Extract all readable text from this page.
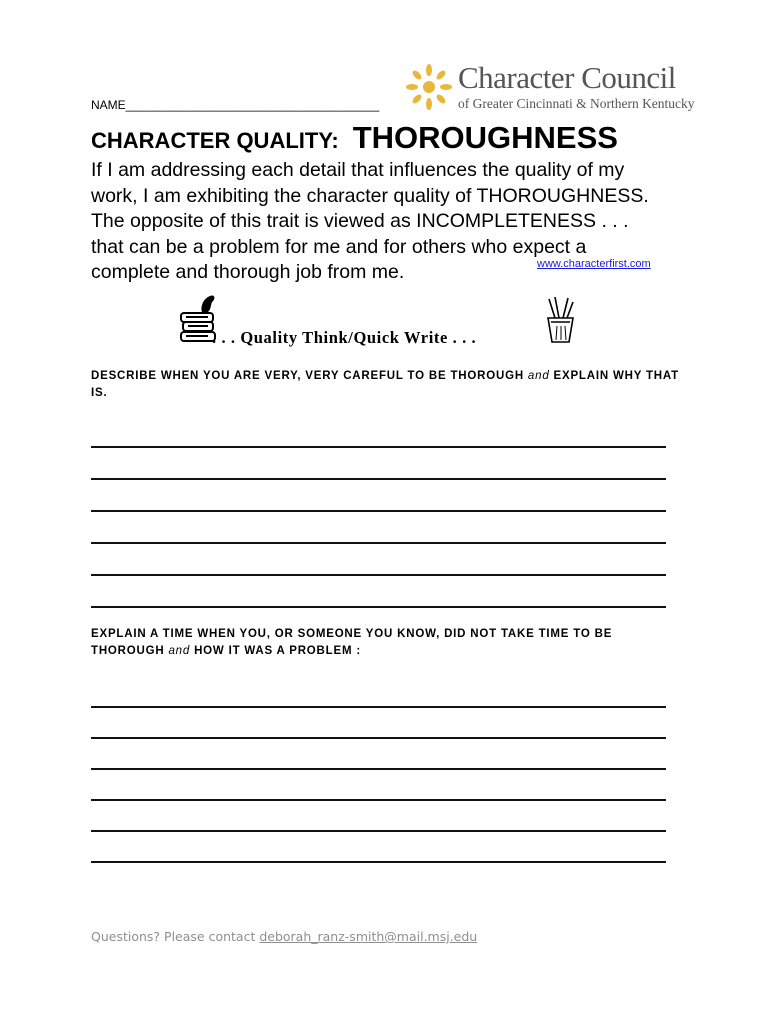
NAME______________________________________
Character Council
of Greater Cincinnati & Northern Kentucky
CHARACTER QUALITY: THOROUGHNESS
If I am addressing each detail that influences the quality of my
work, I am exhibiting the character quality of THOROUGHNESS.
The opposite of this trait is viewed as INCOMPLETENESS . . .
that can be a problem for me and for others who expect a
complete and thorough job from me.	www.characterfirst.com
. . . Quality Think/Quick Write . . .
DESCRIBE WHEN YOU ARE VERY, VERY CAREFUL TO BE THOROUGH and EXPLAIN WHY THAT IS.
EXPLAIN A TIME WHEN YOU, OR SOMEONE YOU KNOW, DID NOT TAKE TIME TO BE THOROUGH and HOW IT WAS A PROBLEM :
Questions? Please contact deborah_ranz-smith@mail.msj.edu
